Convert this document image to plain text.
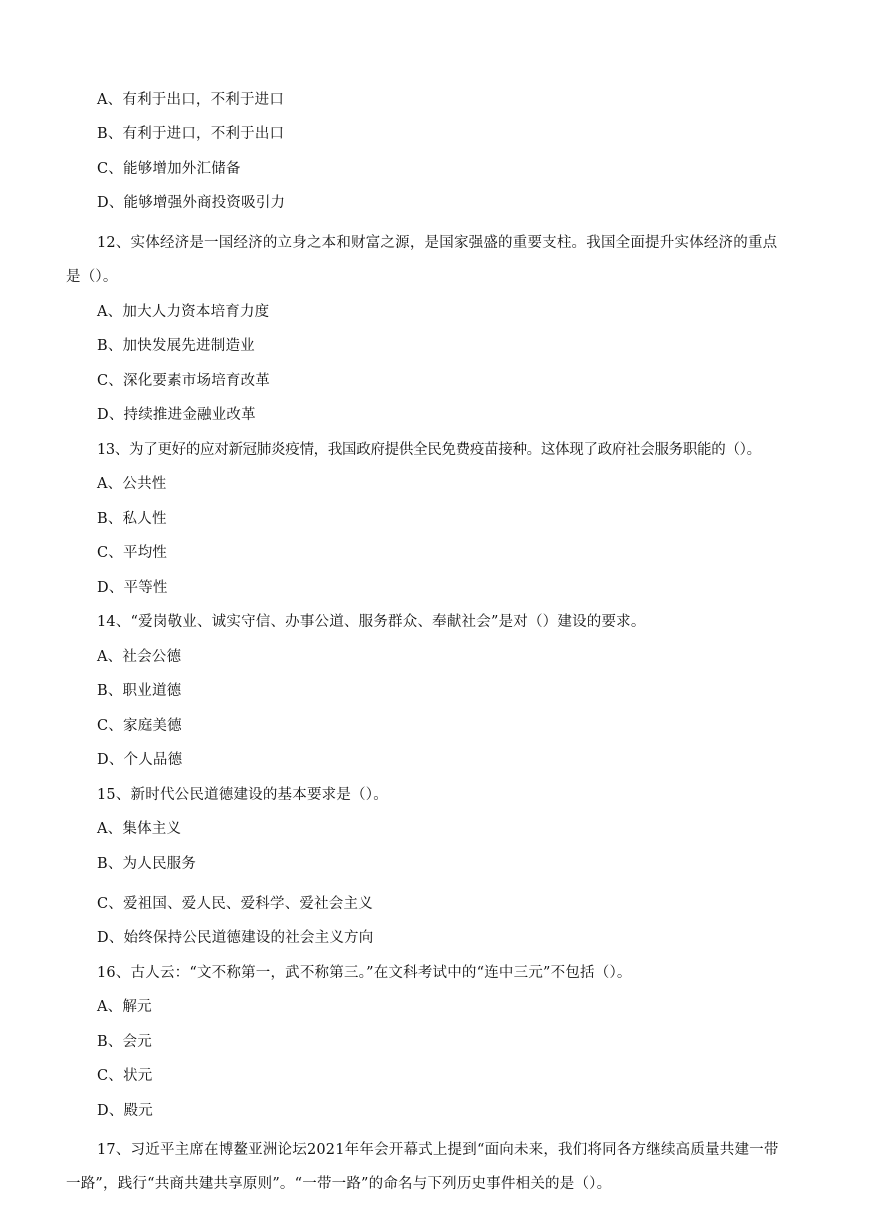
A、有利于出口，不利于进口
B、有利于进口，不利于出口
C、能够增加外汇储备
D、能够增强外商投资吸引力
12、实体经济是一国经济的立身之本和财富之源，是国家强盛的重要支柱。我国全面提升实体经济的重点
是（）。
A、加大人力资本培育力度
B、加快发展先进制造业
C、深化要素市场培育改革
D、持续推进金融业改革
13、为了更好的应对新冠肺炎疫情，我国政府提供全民免费疫苗接种。这体现了政府社会服务职能的（）。
A、公共性
B、私人性
C、平均性
D、平等性
14、“爱岗敬业、诚实守信、办事公道、服务群众、奉献社会”是对（）建设的要求。
A、社会公德
B、职业道德
C、家庭美德
D、个人品德
15、新时代公民道德建设的基本要求是（）。
A、集体主义
B、为人民服务
C、爱祖国、爱人民、爱科学、爱社会主义
D、始终保持公民道德建设的社会主义方向
16、古人云：“文不称第一，武不称第三。”在文科考试中的“连中三元”不包括（）。
A、解元
B、会元
C、状元
D、殿元
17、习近平主席在博鳌亚洲论坛2021年年会开幕式上提到“面向未来，我们将同各方继续高质量共建一带
一路”，践行“共商共建共享原则”。“一带一路”的命名与下列历史事件相关的是（）。
